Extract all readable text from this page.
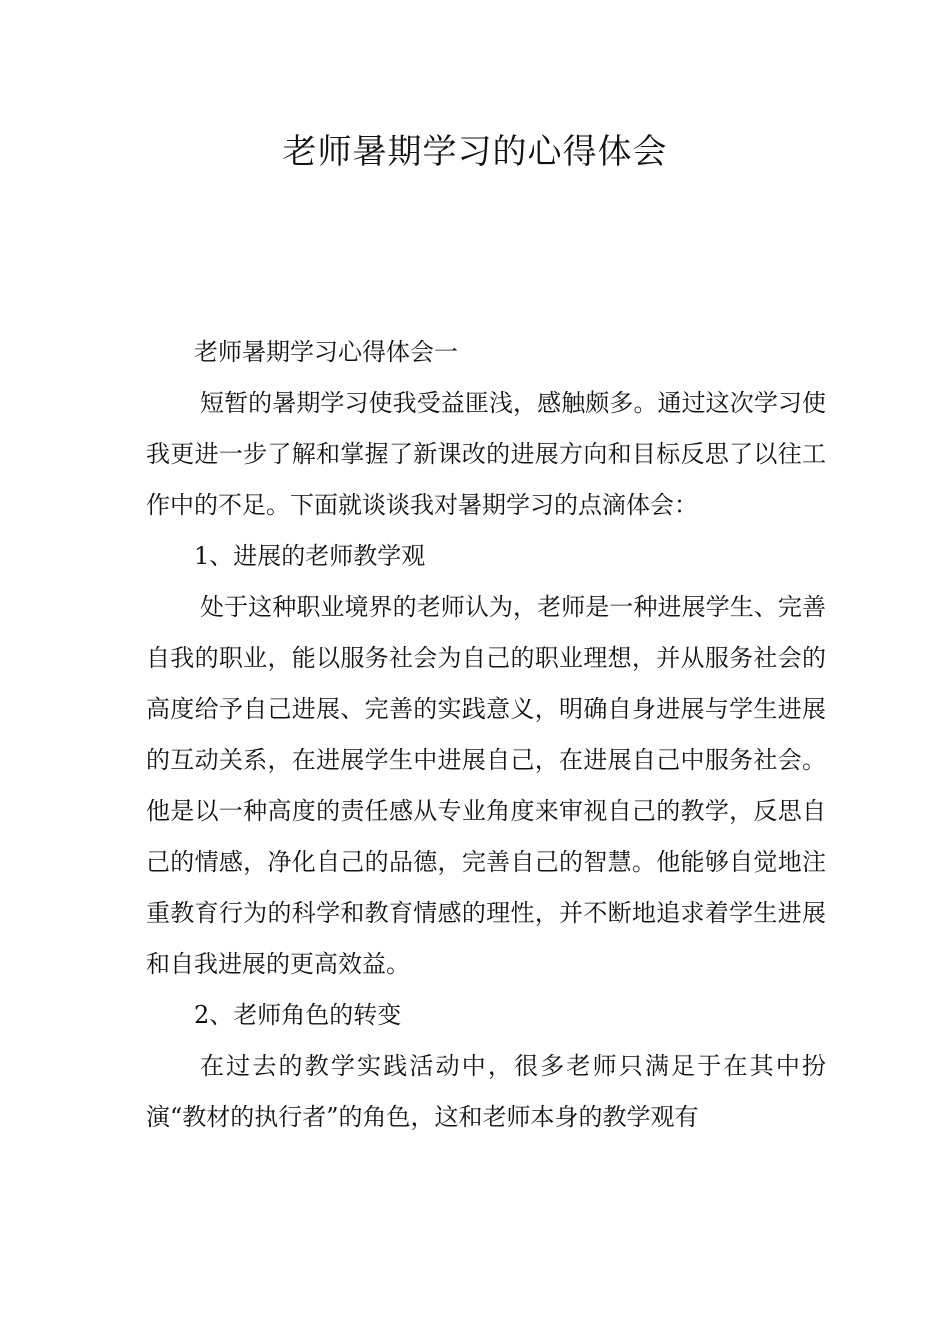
老师暑期学习的心得体会

老师暑期学习心得体会一

短暂的暑期学习使我受益匪浅，感触颇多。通过这次学习使我更进一步了解和掌握了新课改的进展方向和目标反思了以往工作中的不足。下面就谈谈我对暑期学习的点滴体会：

1、进展的老师教学观

处于这种职业境界的老师认为，老师是一种进展学生、完善自我的职业，能以服务社会为自己的职业理想，并从服务社会的高度给予自己进展、完善的实践意义，明确自身进展与学生进展的互动关系，在进展学生中进展自己，在进展自己中服务社会。他是以一种高度的责任感从专业角度来审视自己的教学，反思自己的情感，净化自己的品德，完善自己的智慧。他能够自觉地注重教育行为的科学和教育情感的理性，并不断地追求着学生进展和自我进展的更高效益。

2、老师角色的转变

在过去的教学实践活动中，很多老师只满足于在其中扮演“教材的执行者”的角色，这和老师本身的教学观有
